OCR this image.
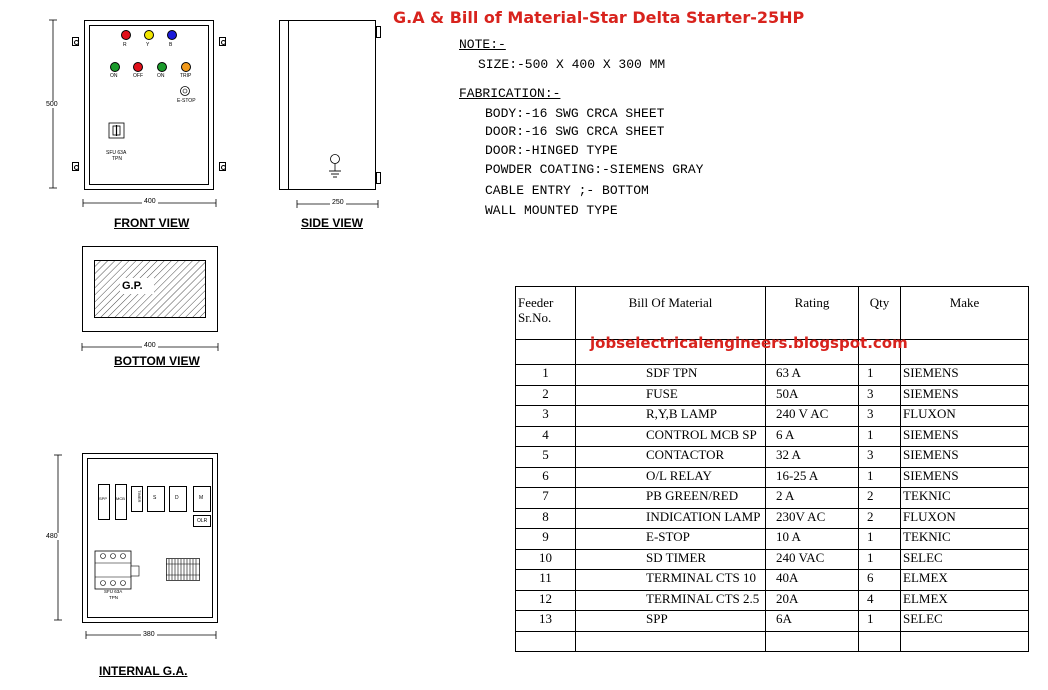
G.A & Bill of Material-Star Delta Starter-25HP
500
R	Y	B
ON	OFF	ON	TRIP
E-STOP
SFU 63A
TPN
400
FRONT VIEW
250
SIDE VIEW
G.P.
400
BOTTOM VIEW
480
SPP MCB	TIMER S	D	M
OLR
SFU 63A
TPN
380
INTERNAL G.A.
NOTE:-
SIZE:-500 X 400 X 300 MM
FABRICATION:-
BODY:-16 SWG CRCA SHEET
DOOR:-16 SWG CRCA SHEET
DOOR:-HINGED TYPE
POWDER COATING:-SIEMENS GRAY
CABLE ENTRY ;- BOTTOM
WALL MOUNTED TYPE
Feeder
Sr.No.	Bill Of Material	Rating	Qty	Make

1	SDF TPN	63 A	1	SIEMENS
2	FUSE	50A	3	SIEMENS
3	R,Y,B LAMP	240 V AC	3	FLUXON
4	CONTROL MCB SP	6 A	1	SIEMENS
5	CONTACTOR	32 A	3	SIEMENS
6	O/L RELAY	16-25 A	1	SIEMENS
7	PB GREEN/RED	2 A	2	TEKNIC
8	INDICATION LAMP	230V AC	2	FLUXON
9	E-STOP	10 A	1	TEKNIC
10	SD TIMER	240 VAC	1	SELEC
11	TERMINAL CTS 10	40A	6	ELMEX
12	TERMINAL CTS 2.5	20A	4	ELMEX
13	SPP	6A	1	SELEC

jobselectricalengineers.blogspot.com
